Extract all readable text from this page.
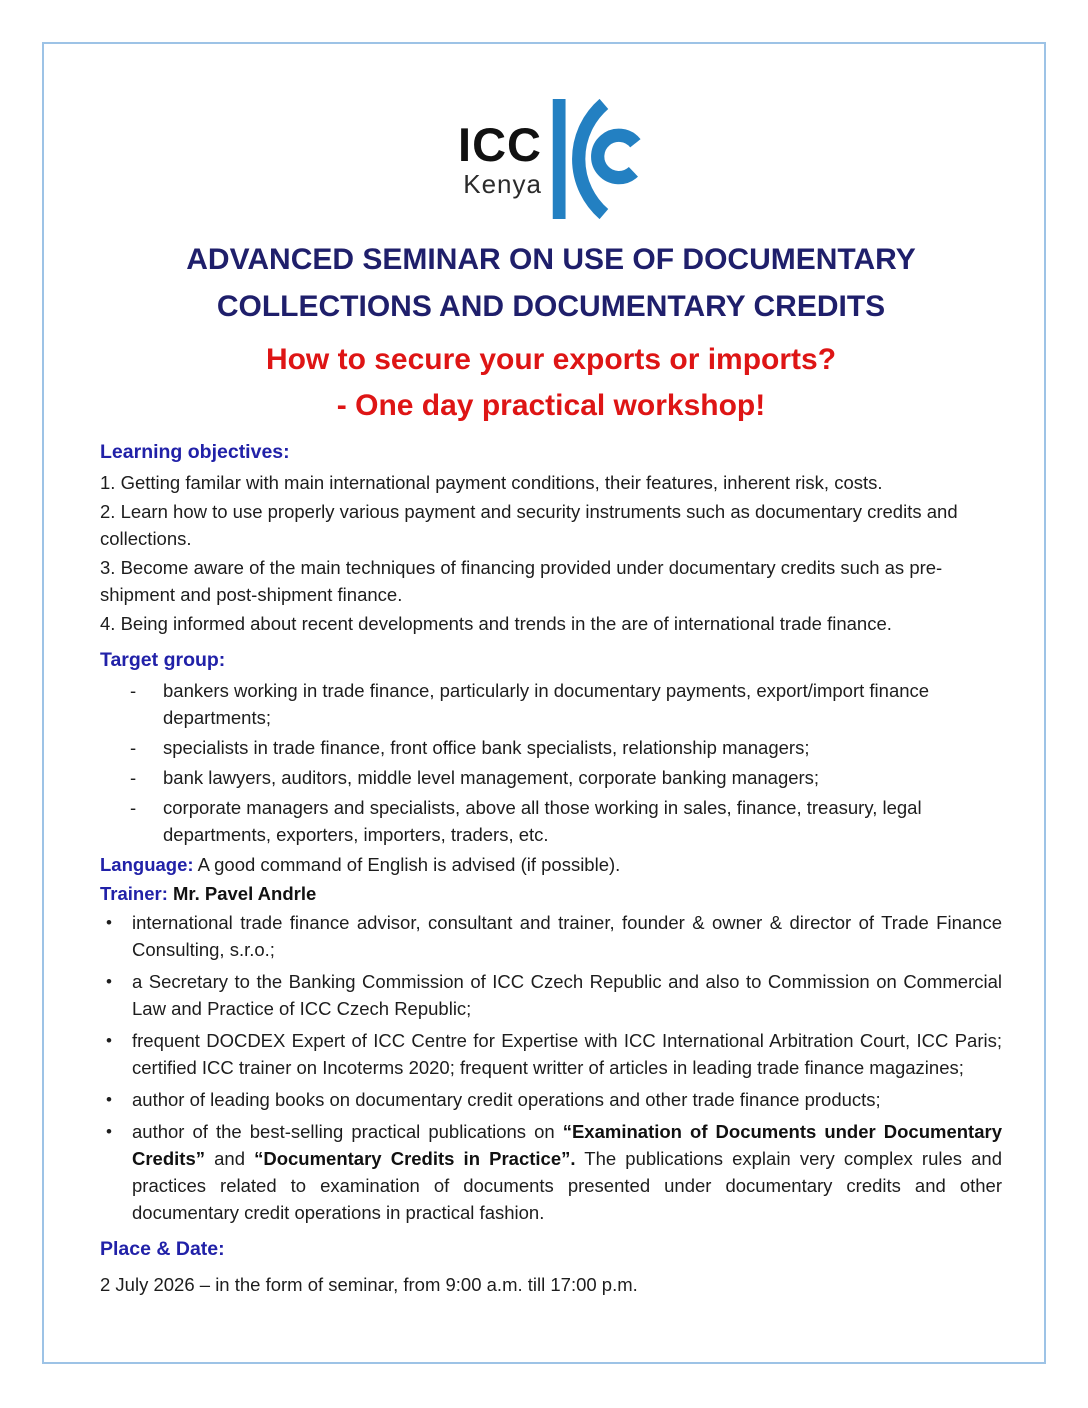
ICC
Kenya
ADVANCED SEMINAR ON USE OF DOCUMENTARY
COLLECTIONS AND DOCUMENTARY CREDITS
How to secure your exports or imports?
- One day practical workshop!
Learning objectives:

1. Getting familar with main international payment conditions, their features, inherent risk, costs.

2. Learn how to use properly various payment and security instruments such as documentary credits and collections.

3. Become aware of the main techniques of financing provided under documentary credits such as pre-shipment and post-shipment finance.

4. Being informed about recent developments and trends in the are of international trade finance.

Target group:
-	bankers working in trade finance, particularly in documentary payments, export/import finance departments;
-	specialists in trade finance, front office bank specialists, relationship managers;
-	bank lawyers, auditors, middle level management, corporate banking managers;
-	corporate managers and specialists, above all those working in sales, finance, treasury, legal departments, exporters, importers, traders, etc.

Language: A good command of English is advised (if possible).

Trainer: Mr. Pavel Andrle

•	international trade finance advisor, consultant and trainer, founder & owner & director of Trade Finance Consulting, s.r.o.;
•	a Secretary to the Banking Commission of ICC Czech Republic and also to Commission on Commercial Law and Practice of ICC Czech Republic;
•	frequent DOCDEX Expert of ICC Centre for Expertise with ICC International Arbitration Court, ICC Paris; certified ICC trainer on Incoterms 2020; frequent writter of articles in leading trade finance magazines;
•	author of leading books on documentary credit operations and other trade finance products;
•	author of the best-selling practical publications on “Examination of Documents under Documentary Credits” and “Documentary Credits in Practice”. The publications explain very complex rules and practices related to examination of documents presented under documentary credits and other documentary credit operations in practical fashion.
Place & Date:

2 July 2026 – in the form of seminar, from 9:00 a.m. till 17:00 p.m.
